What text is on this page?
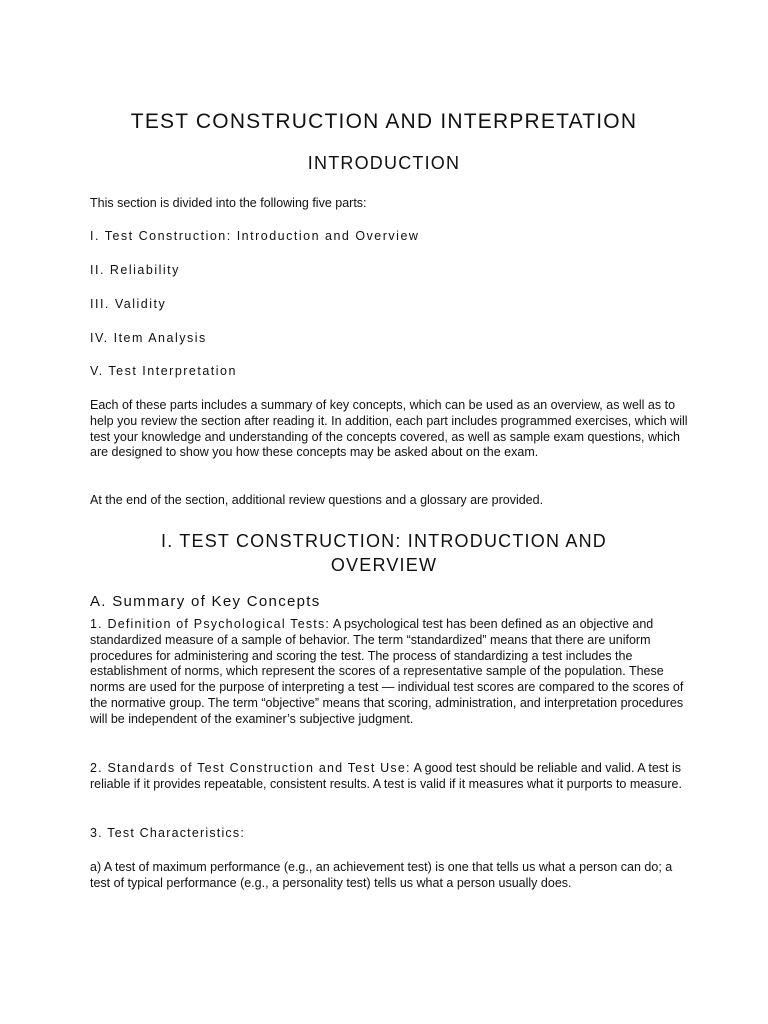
TEST CONSTRUCTION AND INTERPRETATION
INTRODUCTION

This section is divided into the following five parts:

I. Test Construction: Introduction and Overview

II. Reliability

III. Validity

IV. Item Analysis

V. Test Interpretation

Each of these parts includes a summary of key concepts, which can be used as an overview, as well as to help you review the section after reading it. In addition, each part includes programmed exercises, which will test your knowledge and understanding of the concepts covered, as well as sample exam questions, which are designed to show you how these concepts may be asked about on the exam.

At the end of the section, additional review questions and a glossary are provided.

I. TEST CONSTRUCTION: INTRODUCTION AND
OVERVIEW
A. Summary of Key Concepts

1. Definition of Psychological Tests: A psychological test has been defined as an objective and standardized measure of a sample of behavior. The term “standardized” means that there are uniform procedures for administering and scoring the test. The process of standardizing a test includes the establishment of norms, which represent the scores of a representative sample of the population. These norms are used for the purpose of interpreting a test — individual test scores are compared to the scores of the normative group. The term “objective” means that scoring, administration, and interpretation procedures will be independent of the examiner’s subjective judgment.

2. Standards of Test Construction and Test Use: A good test should be reliable and valid. A test is reliable if it provides repeatable, consistent results. A test is valid if it measures what it purports to measure.

3. Test Characteristics:

a) A test of maximum performance (e.g., an achievement test) is one that tells us what a person can do; a test of typical performance (e.g., a personality test) tells us what a person usually does.
